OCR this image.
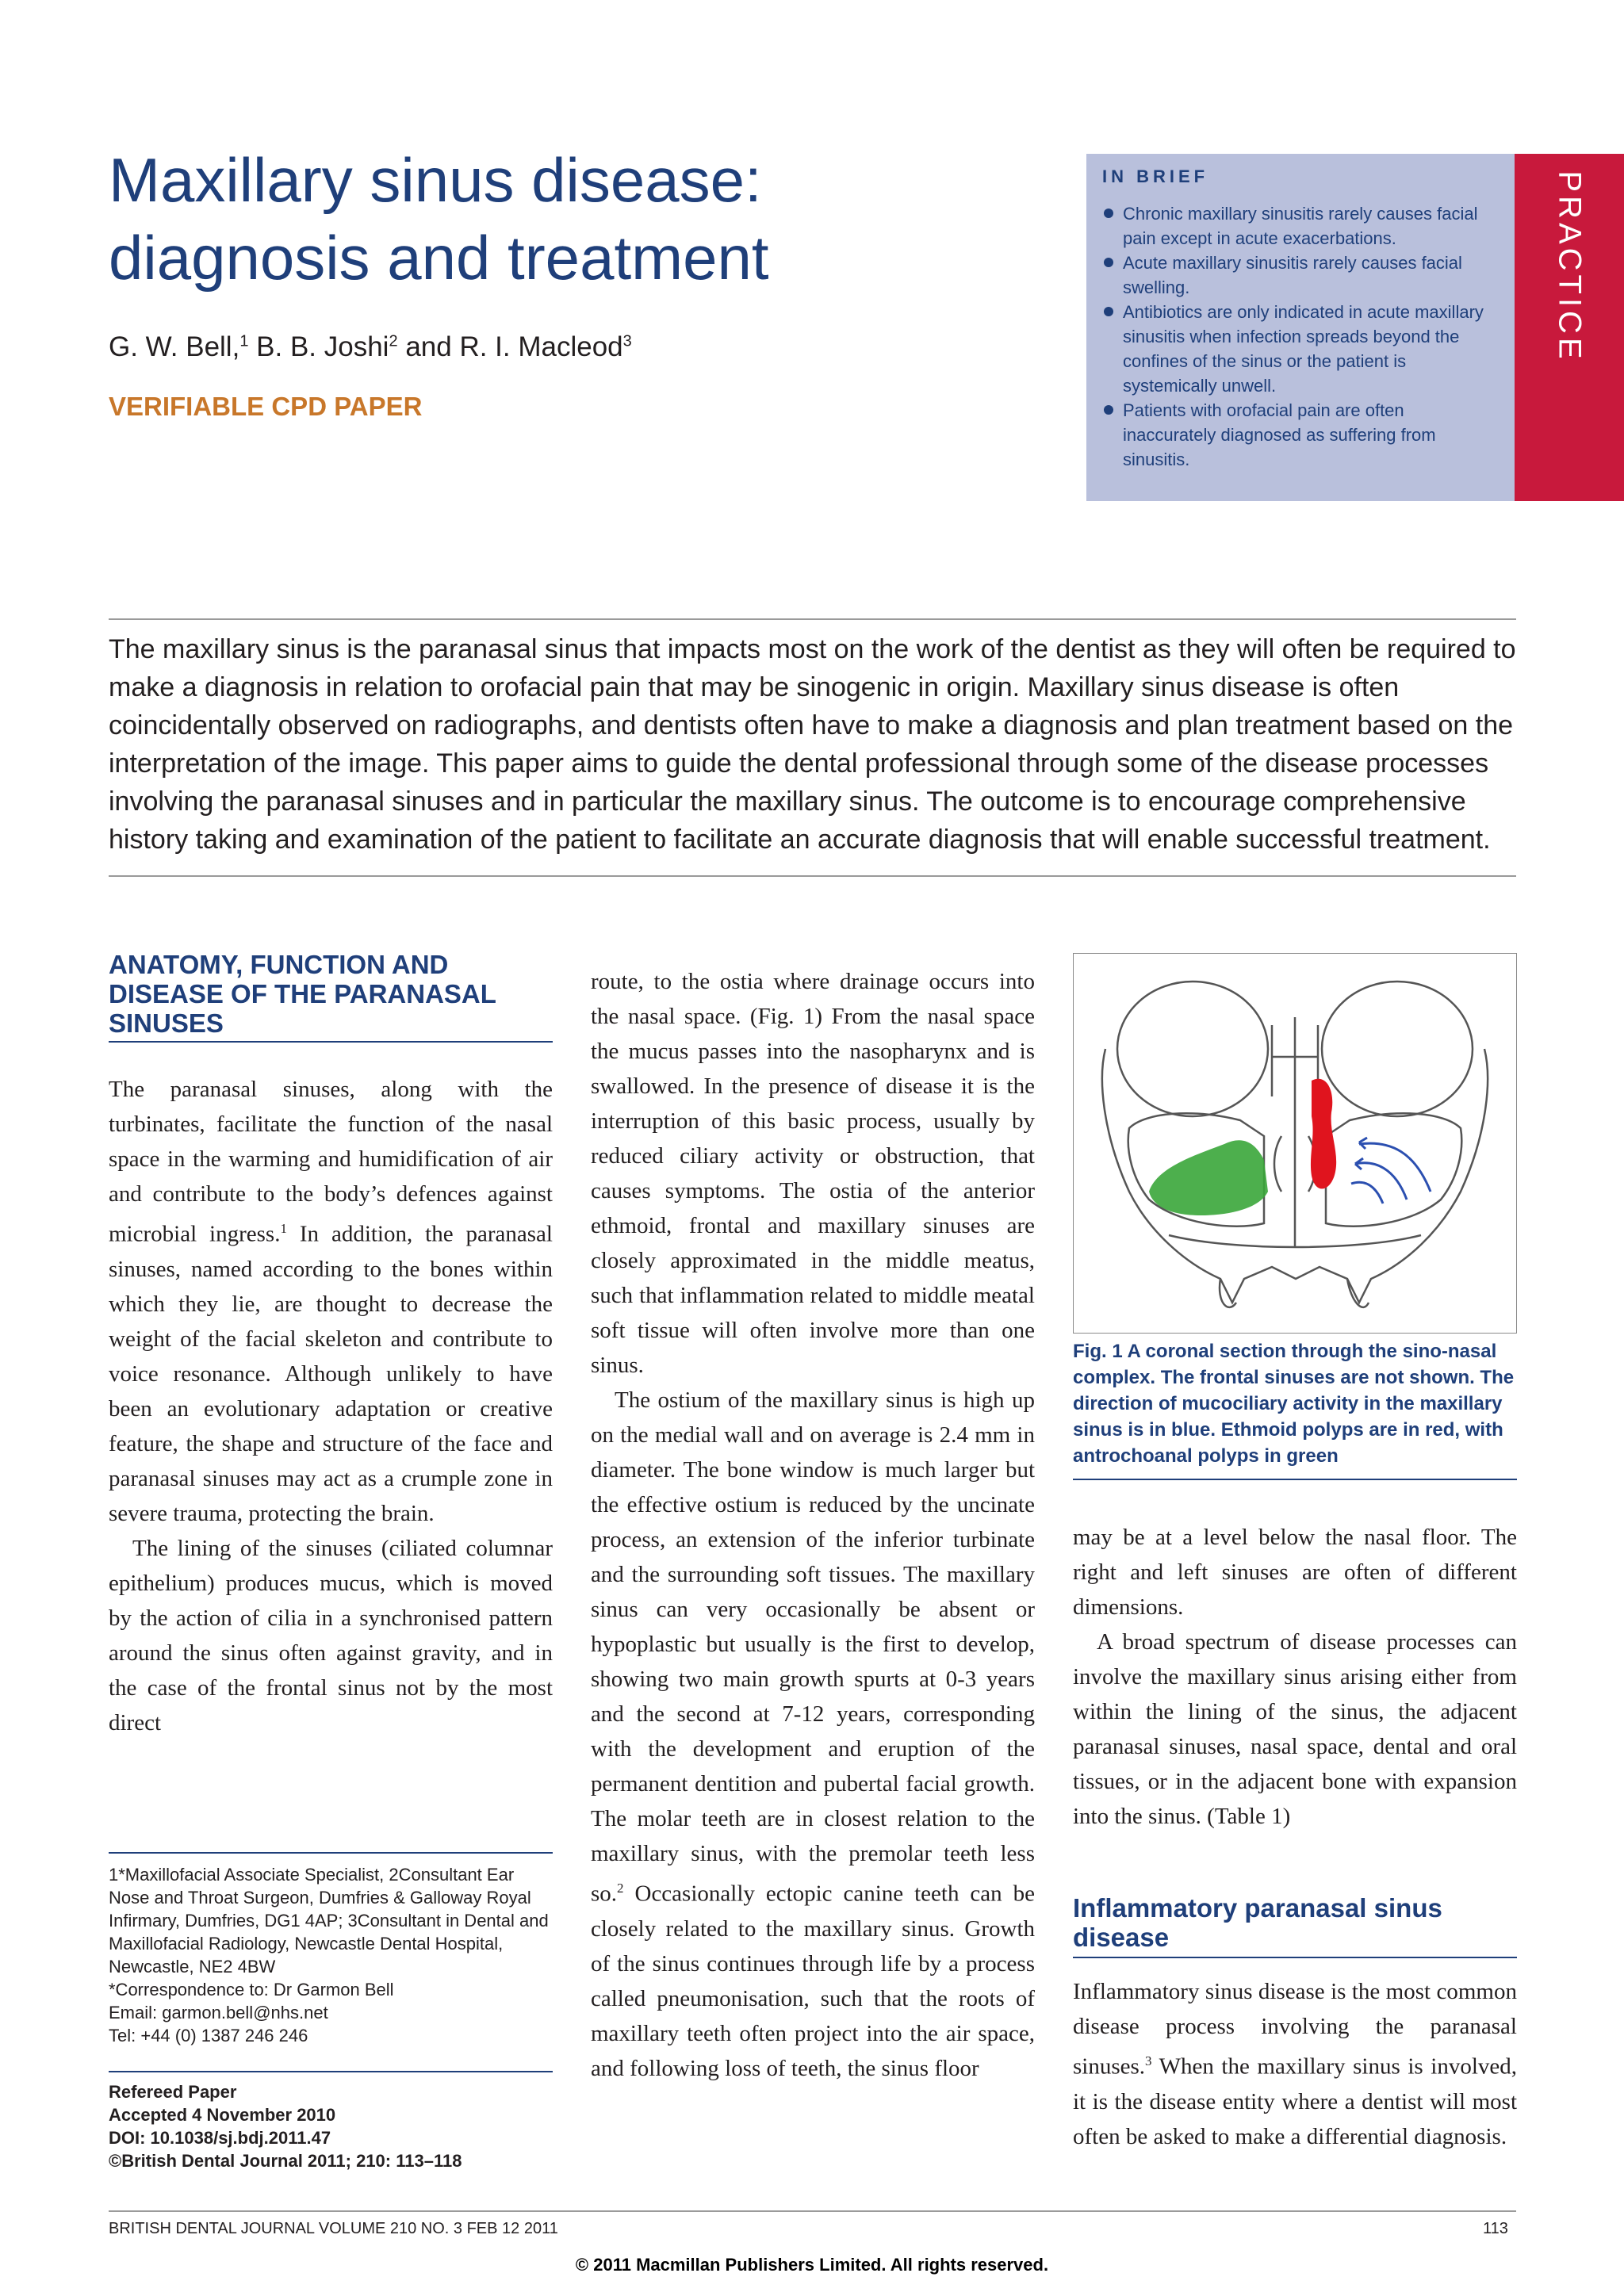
Maxillary sinus disease:
diagnosis and treatment
G. W. Bell,$^1$ B. B. Joshi$^2$ and R. I. Macleod$^3$
VERIFIABLE CPD PAPER
IN BRIEF
Chronic maxillary sinusitis rarely causes facial pain except in acute exacerbations.
Acute maxillary sinusitis rarely causes facial swelling.
Antibiotics are only indicated in acute maxillary sinusitis when infection spreads beyond the confines of the sinus or the patient is systemically unwell.
Patients with orofacial pain are often inaccurately diagnosed as suffering from sinusitis.
PRACTICE

The maxillary sinus is the paranasal sinus that impacts most on the work of the dentist as they will often be required to make a diagnosis in relation to orofacial pain that may be sinogenic in origin. Maxillary sinus disease is often coincidentally observed on radiographs, and dentists often have to make a diagnosis and plan treatment based on the interpretation of the image. This paper aims to guide the dental professional through some of the disease processes involving the paranasal sinuses and in particular the maxillary sinus. The outcome is to encourage comprehensive history taking and examination of the patient to facilitate an accurate diagnosis that will enable successful treatment.

ANATOMY, FUNCTION AND DISEASE OF THE PARANASAL SINUSES

The paranasal sinuses, along with the turbinates, facilitate the function of the nasal space in the warming and humidification of air and contribute to the body’s defences against microbial ingress.$^1$ In addition, the paranasal sinuses, named according to the bones within which they lie, are thought to decrease the weight of the facial skeleton and contribute to voice resonance. Although unlikely to have been an evolutionary adaptation or creative feature, the shape and structure of the face and paranasal sinuses may act as a crumple zone in severe trauma, protecting the brain.

The lining of the sinuses (ciliated columnar epithelium) produces mucus, which is moved by the action of cilia in a synchronised pattern around the sinus often against gravity, and in the case of the frontal sinus not by the most direct

route, to the ostia where drainage occurs into the nasal space. (Fig. 1) From the nasal space the mucus passes into the nasopharynx and is swallowed. In the presence of disease it is the interruption of this basic process, usually by reduced ciliary activity or obstruction, that causes symptoms. The ostia of the anterior ethmoid, frontal and maxillary sinuses are closely approximated in the middle meatus, such that inflammation related to middle meatal soft tissue will often involve more than one sinus.

The ostium of the maxillary sinus is high up on the medial wall and on average is 2.4 mm in diameter. The bone window is much larger but the effective ostium is reduced by the uncinate process, an extension of the inferior turbinate and the surrounding soft tissues. The maxillary sinus can very occasionally be absent or hypoplastic but usually is the first to develop, showing two main growth spurts at 0-3 years and the second at 7-12 years, corresponding with the development and eruption of the permanent dentition and pubertal facial growth. The molar teeth are in closest relation to the maxillary sinus, with the premolar teeth less so.$^2$ Occasionally ectopic canine teeth can be closely related to the maxillary sinus. Growth of the sinus continues through life by a process called pneumonisation, such that the roots of maxillary teeth often project into the air space, and following loss of teeth, the sinus floor

Fig. 1 A coronal section through the sino-nasal complex. The frontal sinuses are not shown. The direction of mucociliary activity in the maxillary sinus is in blue. Ethmoid polyps are in red, with antrochoanal polyps in green

may be at a level below the nasal floor. The right and left sinuses are often of different dimensions.

A broad spectrum of disease processes can involve the maxillary sinus arising either from within the lining of the sinus, the adjacent paranasal sinuses, nasal space, dental and oral tissues, or in the adjacent bone with expansion into the sinus. (Table 1)

Inflammatory paranasal sinus disease

Inflammatory sinus disease is the most common disease process involving the paranasal sinuses.$^3$ When the maxillary sinus is involved, it is the disease entity where a dentist will most often be asked to make a differential diagnosis.

1*Maxillofacial Associate Specialist, 2Consultant Ear Nose and Throat Surgeon, Dumfries & Galloway Royal Infirmary, Dumfries, DG1 4AP; 3Consultant in Dental and Maxillofacial Radiology, Newcastle Dental Hospital, Newcastle, NE2 4BW
*Correspondence to: Dr Garmon Bell
Email: garmon.bell@nhs.net
Tel: +44 (0) 1387 246 246
Refereed Paper
Accepted 4 November 2010
DOI: 10.1038/sj.bdj.2011.47
©British Dental Journal 2011; 210: 113–118
BRITISH DENTAL JOURNAL VOLUME 210 NO. 3 FEB 12 2011	113
© 2011 Macmillan Publishers Limited. All rights reserved.
